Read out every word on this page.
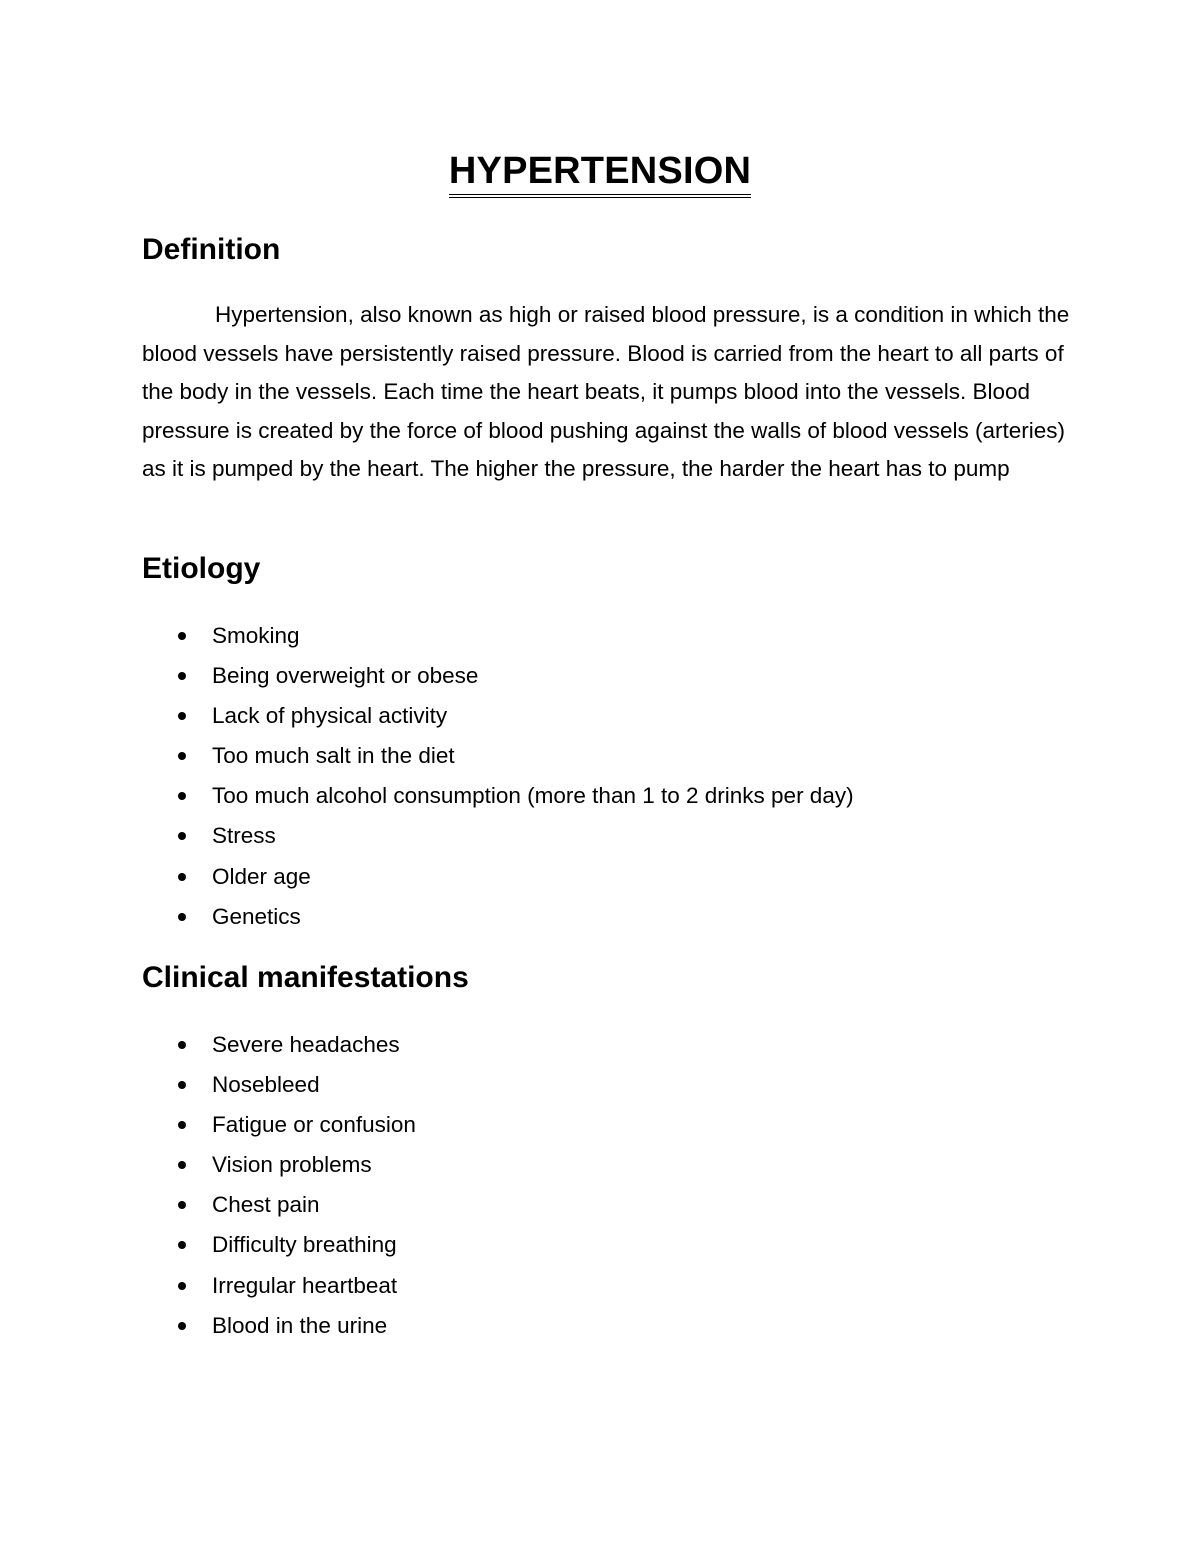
HYPERTENSION
Definition

Hypertension, also known as high or raised blood pressure, is a condition in which the blood vessels have persistently raised pressure. Blood is carried from the heart to all parts of the body in the vessels. Each time the heart beats, it pumps blood into the vessels. Blood pressure is created by the force of blood pushing against the walls of blood vessels (arteries) as it is pumped by the heart. The higher the pressure, the harder the heart has to pump

Etiology
Smoking
Being overweight or obese
Lack of physical activity
Too much salt in the diet
Too much alcohol consumption (more than 1 to 2 drinks per day)
Stress
Older age
Genetics
Clinical manifestations
Severe headaches
Nosebleed
Fatigue or confusion
Vision problems
Chest pain
Difficulty breathing
Irregular heartbeat
Blood in the urine
